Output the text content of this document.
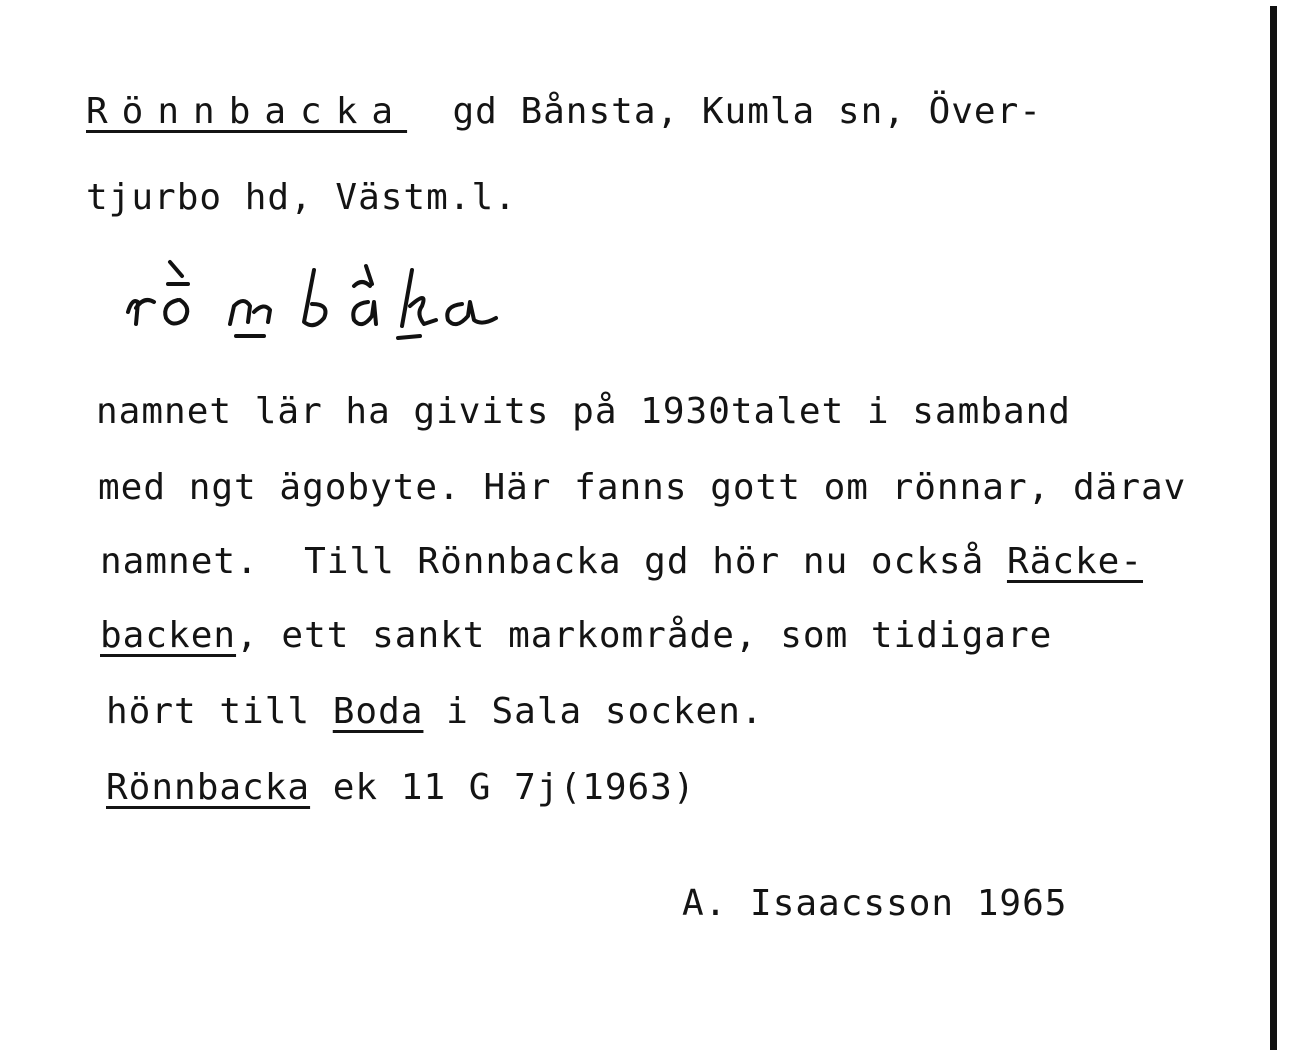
Rönnbacka gd Bånsta, Kumla sn, Över-
tjurbo hd, Västm.l.
namnet lär ha givits på 1930talet i samband
med ngt ägobyte. Här fanns gott om rönnar, därav
namnet.  Till Rönnbacka gd hör nu också Räcke-
backen, ett sankt markområde, som tidigare
hört till Boda i Sala socken.
Rönnbacka ek 11 G 7j(1963)
A. Isaacsson 1965
